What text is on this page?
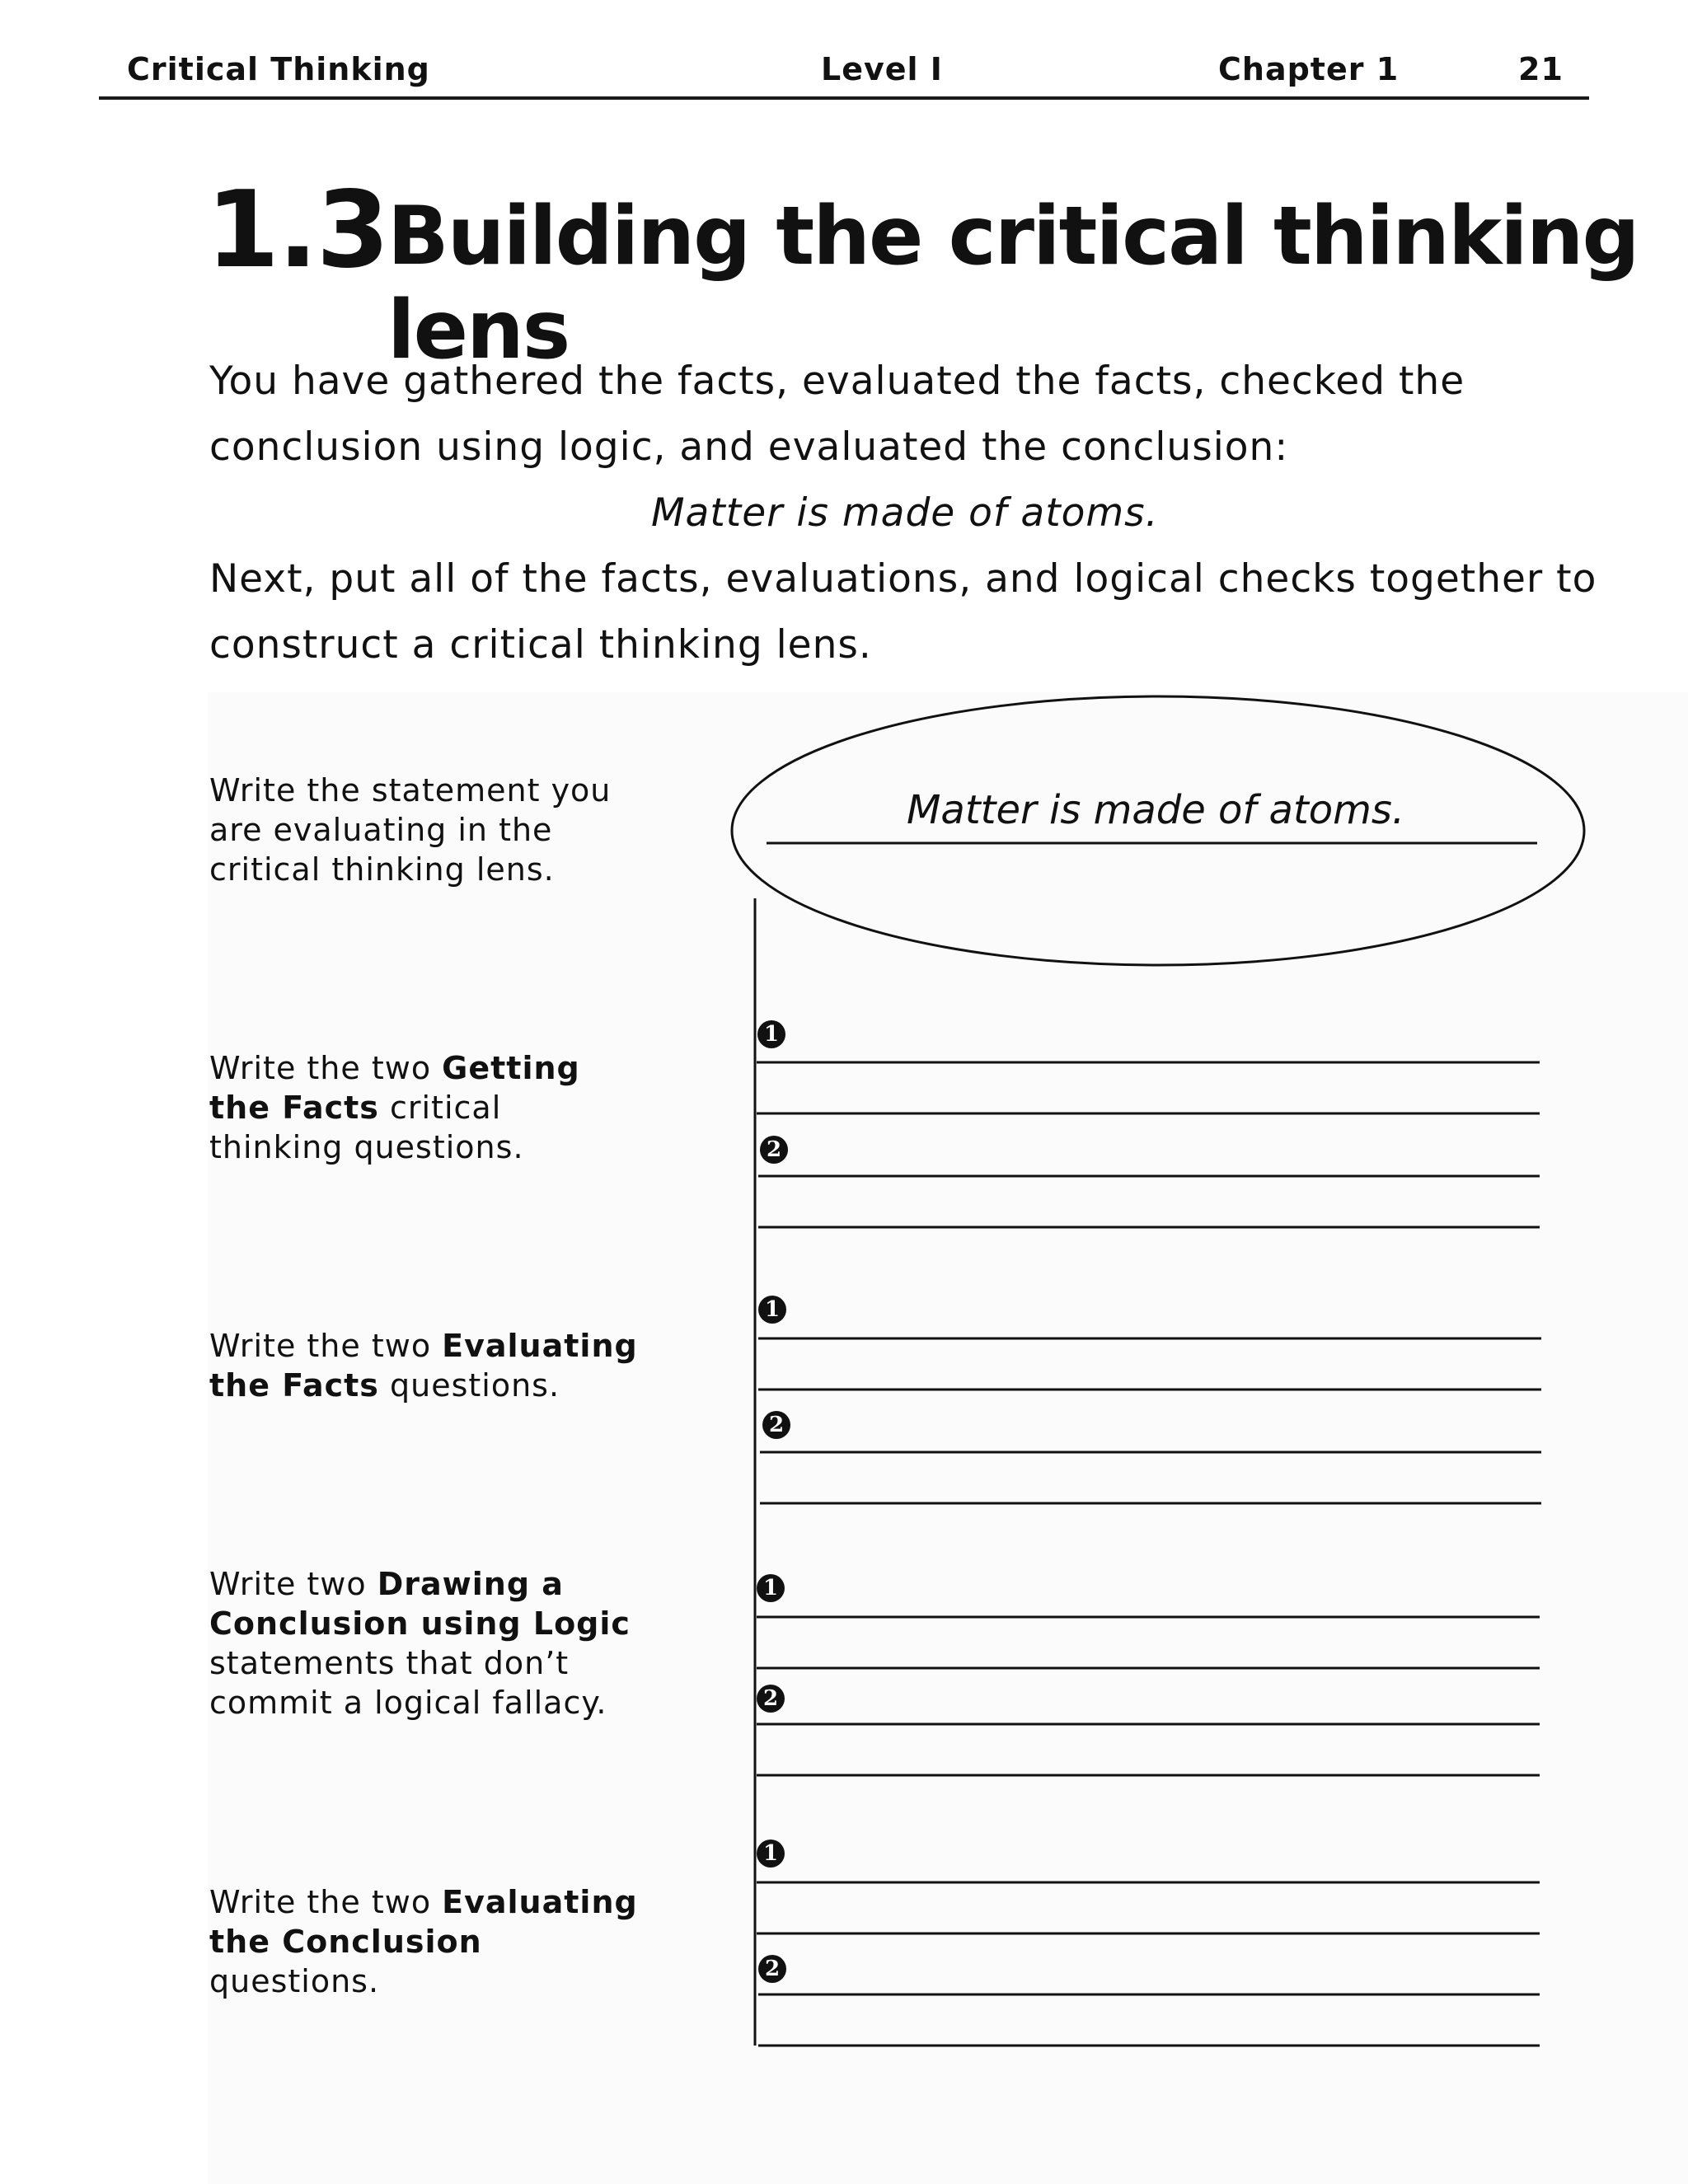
Critical Thinking	Level I	Chapter 1	21
1.3 Building the critical thinking lens
You have gathered the facts, evaluated the facts, checked the
conclusion using logic, and evaluated the conclusion:
Matter is made of atoms.
Next, put all of the facts, evaluations, and logical checks together to
construct a critical thinking lens.
Matter is made of atoms.
1
2
1
2
1
2
1
2
Write the statement you are evaluating in the critical thinking lens.
Write the two Getting the Facts critical thinking questions.
Write the two Evaluating the Facts questions.
Write two Drawing a Conclusion using Logic statements that don’t commit a logical fallacy.
Write the two Evaluating the Conclusion questions.
